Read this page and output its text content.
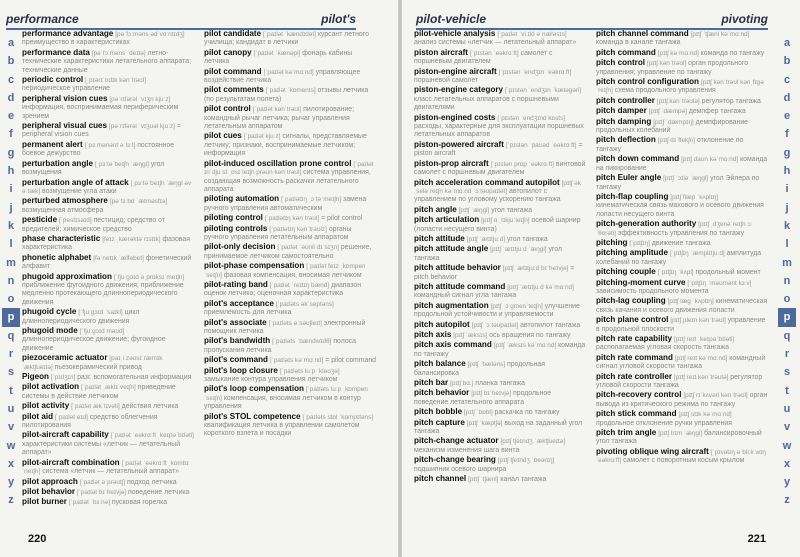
performance	pilot's
a
b
c
d
e
f
g
h
i
j
k
l
m
n
o
p
q
r
s
t
u
v
w
x
y
z
performance advantage [pəˈfɔːməns ədˈvɑːntɪdʒ] преимущество в характеристиках
performance data [pəˈfɔːməns ˈdeɪtə] летно-технические характеристики летательного аппарата; технические данные
periodic control [ˌpɪərɪˈɒdɪk kənˈtrəʊl] периодическое управление
peripheral vision cues [pəˈrɪfərəl ˈvɪʒn kjuːz] информация, воспринимаемая периферическим зрением
peripheral visual cues [pəˈrɪfərəl ˈvɪʒuəl kjuːz] = peripheral vision cues
permanent alert [ˈpɜːmənənt əˈlɜːt] постоянное боевое дежурство
perturbation angle [ˌpɜːtəˈbeɪʃn ˈæŋgl] угол возмущения
perturbation angle of attack [ˌpɜːtəˈbeɪʃn ˈæŋgl əv əˈtæk] возмущение угла атаки
perturbed atmosphere [pəˈtɜːbd ˈætməsfɪə] возмущенная атмосфера
pesticide [ˈpestɪsaɪd] пестицид; средство от вредителей; химическое средство
phase characteristic [feɪz ˌkærəktəˈrɪstɪk] фазовая характеристика
phonetic alphabet [fəˈnetɪk ˈælfəbet] фонетический алфавит
phugoid approximation [ˈfjuːgɔɪd əˌprɒksɪˈmeɪʃn] приближение фугоидного движения; приближение медленно протекающего длиннопериодического движения
phugoid cycle [ˈfjuːgɔɪd ˈsaɪkl] цикл длиннопериодического движения
phugoid mode [ˈfjuːgɔɪd məʊd] длиннопериодическое движение; фугоидное движение
piezoceramic actuator [paɪˌiːzəʊsɪˈræmɪk ˈæktʃueɪtə] пьезокерамический привод
Pigeon [ˈpɪdʒɪn] разг. вспомогательная информация
pilot activation [ˈpaɪlət ˌæktɪˈveɪʃn] приведение системы в действие летчиком
pilot activity [ˈpaɪlət ækˈtɪvəti] действия летчика
pilot aid [ˈpaɪlət eɪd] средство облегчения пилотирования
pilot-aircraft capability [ˈpaɪlət ˈeəkrɑːft ˌkeɪpəˈbɪləti] характеристики системы «летчик — летательный аппарат»
pilot-aircraft combination [ˈpaɪlət ˈeəkrɑːft ˌkɒmbɪˈneɪʃn] система «летчик — летательный аппарат»
pilot approach [ˈpaɪlət əˈprəʊtʃ] подход летчика
pilot behavior [ˈpaɪlət bɪˈheɪvjə] поведение летчика
pilot burner [ˈpaɪlət ˈbɜːnə] пусковая горелка
pilot candidate [ˈpaɪlət ˈkændɪdət] курсант летного училища; кандидат в летчики
pilot canopy [ˈpaɪlət ˈkænəpi] фонарь кабины летчика
pilot command [ˈpaɪlət kəˈmɑːnd] управляющее воздействие летчика
pilot comments [ˈpaɪlət ˈkɒments] отзывы летчика (по результатам полета)
pilot control [ˈpaɪlət kənˈtrəʊl] пилотирование; командный рычаг летчика; рычаг управления летательным аппаратом
pilot cues [ˈpaɪlət kjuːz] сигналы, представляемые летчику; признаки, воспринимаемые летчиком; информация
pilot-induced oscillation prone control [ˈpaɪlət ɪnˈdjuːst ˌɒsɪˈleɪʃn prəʊn kənˈtrəʊl] система управления, создающая возможность раскачки летательного аппарата
piloting automation [ˈpaɪlətɪŋ ˌɔːtəˈmeɪʃn] замена ручного управления автоматическим
piloting control [ˈpaɪlətɪŋ kənˈtrəʊl] = pilot control
piloting controls [ˈpaɪlətɪŋ kənˈtrəʊlz] органы ручного управления летательным аппаратом
pilot-only decision [ˈpaɪlət ˈəʊnli dɪˈsɪʒn] решение, принимаемое летчиком самостоятельно
pilot-phase compensation [ˈpaɪlət feɪz ˌkɒmpenˈseɪʃn] фазовая компенсация, вносимая летчиком
pilot-rating band [ˈpaɪlət ˈreɪtɪŋ bænd] диапазон оценок летчика; оценочная характеристика
pilot's acceptance [ˈpaɪləts əkˈseptəns] приемлемость для летчика
pilot's associate [ˈpaɪləts əˈsəʊʃieɪt] электронный помощник летчика
pilot's bandwidth [ˈpaɪləts ˈbændwɪdθ] полоса пропускания летчика
pilot's command [ˈpaɪləts kəˈmɑːnd] = pilot command
pilot's loop closure [ˈpaɪləts luːp ˈkləʊʒə] замыкание контура управления летчиком
pilot's loop compensation [ˈpaɪləts luːp ˌkɒmpenˈseɪʃn] компенсация, вносимая летчиком в контур управления
pilot's STOL competence [ˈpaɪləts stɒl ˈkɒmpɪtəns] квалификация летчика в управлении самолетом короткого взлета и посадки
220
pilot-vehicle	pivoting
a
b
c
d
e
f
g
h
i
j
k
l
m
n
o
p
q
r
s
t
u
v
w
x
y
z
pilot-vehicle analysis [ˈpaɪlət ˈviːɪkl əˈnæləsɪs] анализ системы «летчик — летательный аппарат»
piston aircraft [ˈpɪstən ˈeəkrɑːft] самолет с поршневым двигателем
piston-engine aircraft [ˈpɪstən ˈendʒɪn ˈeəkrɑːft] поршневой самолет
piston-engine category [ˈpɪstən ˈendʒɪn ˈkætəgəri] класс летательных аппаратов с поршневыми двигателями
piston-engined costs [ˈpɪstən ˈendʒɪnd kɒsts] расходы, характерные для эксплуатации поршневых летательных аппаратов
piston-powered aircraft [ˈpɪstən ˈpaʊəd ˈeəkrɑːft] = piston aircraft
piston-prop aircraft [ˈpɪstən prɒp ˈeəkrɑːft] винтовой самолет с поршневым двигателем
pitch acceleration command autopilot [pɪtʃ əkˌseləˈreɪʃn kəˈmɑːnd ˈɔːtəʊpaɪlət] автопилот с управлением по угловому ускорению тангажа
pitch angle [pɪtʃ ˈæŋgl] угол тангажа
pitch articulation [pɪtʃ ɑːˌtɪkjuˈleɪʃn] осевой шарнир (лопасти несущего винта)
pitch attitude [pɪtʃ ˈætɪtjuːd] угол тангажа
pitch attitude angle [pɪtʃ ˈætɪtjuːd ˈæŋgl] угол тангажа
pitch attitude behavior [pɪtʃ ˈætɪtjuːd bɪˈheɪvjə] = pitch behavior
pitch attitude command [pɪtʃ ˈætɪtjuːd kəˈmɑːnd] командный сигнал угла тангажа
pitch augmentation [pɪtʃ ˌɔːgmenˈteɪʃn] улучшение продольной устойчивости и управляемости
pitch autopilot [pɪtʃ ˈɔːtəʊpaɪlət] автопилот тангажа
pitch axis [pɪtʃ ˈæksɪs] ось вращения по тангажу
pitch axis command [pɪtʃ ˈæksɪs kəˈmɑːnd] команда по тангажу
pitch balance [pɪtʃ ˈbæləns] продольная балансировка
pitch bar [pɪtʃ bɑː] планка тангажа
pitch behavior [pɪtʃ bɪˈheɪvjə] продольное поведение летательного аппарата
pitch bobble [pɪtʃ ˈbɒbl] раскачка по тангажу
pitch capture [pɪtʃ ˈkæptʃə] выход на заданный угол тангажа
pitch-change actuator [pɪtʃ tʃeɪndʒ ˈæktʃueɪtə] механизм изменения шага винта
pitch-change bearing [pɪtʃ tʃeɪndʒ ˈbeərɪŋ] подшипник осевого шарнира
pitch channel [pɪtʃ ˈtʃænl] канал тангажа
pitch channel command [pɪtʃ ˈtʃænl kəˈmɑːnd] команда в канале тангажа
pitch command [pɪtʃ kəˈmɑːnd] команда по тангажу
pitch control [pɪtʃ kənˈtrəʊl] орган продольного управления; управление по тангажу
pitch control configuration [pɪtʃ kənˈtrəʊl kənˌfɪgəˈreɪʃn] схема продольного управления
pitch controller [pɪtʃ kənˈtrəʊlə] регулятор тангажа
pitch damper [pɪtʃ ˈdæmpə] демпфер тангажа
pitch damping [pɪtʃ ˈdæmpɪŋ] демпфирование продольных колебаний
pitch deflection [pɪtʃ dɪˈflekʃn] отклонение по тангажу
pitch down command [pɪtʃ daʊn kəˈmɑːnd] команда на пикирование
pitch Euler angle [pɪtʃ ˈɔɪlə ˈæŋgl] угол Эйлера по тангажу
pitch-flap coupling [pɪtʃ flæp ˈkʌplɪŋ] кинематическая связь махового и осевого движения лопасти несущего винта
pitch-generation authority [pɪtʃ ˌdʒenəˈreɪʃn ɔːˈθɒrəti] эффективность управления по тангажу
pitching [ˈpɪtʃɪŋ] движение тангажа
pitching amplitude [ˈpɪtʃɪŋ ˈæmplɪtjuːd] амплитуда колебаний по тангажу
pitching couple [ˈpɪtʃɪŋ ˈkʌpl] продольный момент
pitching-moment curve [ˈpɪtʃɪŋ ˈməʊmənt kɜːv] зависимость продольного момента
pitch-lag coupling [pɪtʃ læg ˈkʌplɪŋ] кинематическая связь качания и осевого движения лопасти
pitch plane control [pɪtʃ pleɪn kənˈtrəʊl] управление в продольной плоскости
pitch rate capability [pɪtʃ reɪt ˌkeɪpəˈbɪləti] располагаемая угловая скорость тангажа
pitch rate command [pɪtʃ reɪt kəˈmɑːnd] командный сигнал угловой скорости тангажа
pitch rate controller [pɪtʃ reɪt kənˈtrəʊlə] регулятор угловой скорости тангажа
pitch-recovery control [pɪtʃ rɪˈkʌvəri kənˈtrəʊl] орган вывода из критического режима по тангажу
pitch stick command [pɪtʃ stɪk kəˈmɑːnd] продольное отклонение ручки управления
pitch trim angle [pɪtʃ trɪm ˈæŋgl] балансировочный угол тангажа
pivoting oblique wing aircraft [ˈpɪvətɪŋ əˈbliːk wɪŋ ˈeəkrɑːft] самолет с поворотным косым крылом
221
